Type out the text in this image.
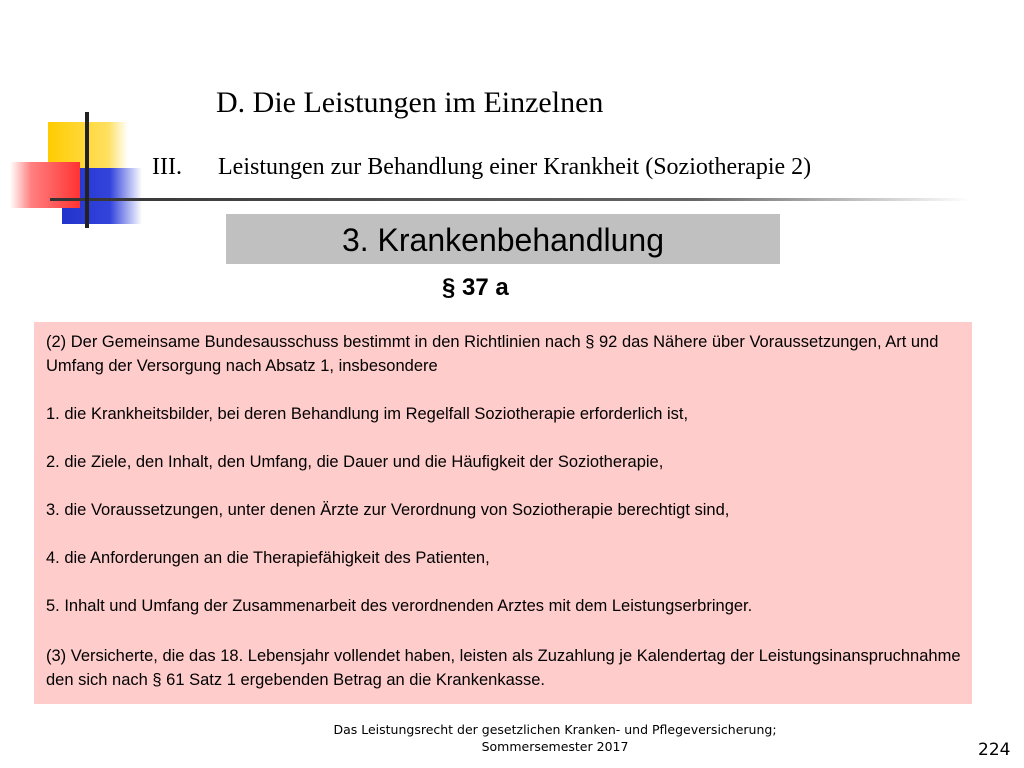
D. Die Leistungen im Einzelnen
III. Leistungen zur Behandlung einer Krankheit (Soziotherapie 2)
3. Krankenbehandlung
§ 37 a

(2) Der Gemeinsame Bundesausschuss bestimmt in den Richtlinien nach § 92 das Nähere über Voraussetzungen, Art und Umfang der Versorgung nach Absatz 1, insbesondere

1. die Krankheitsbilder, bei deren Behandlung im Regelfall Soziotherapie erforderlich ist,

2. die Ziele, den Inhalt, den Umfang, die Dauer und die Häufigkeit der Soziotherapie,

3. die Voraussetzungen, unter denen Ärzte zur Verordnung von Soziotherapie berechtigt sind,

4. die Anforderungen an die Therapiefähigkeit des Patienten,

5. Inhalt und Umfang der Zusammenarbeit des verordnenden Arztes mit dem Leistungserbringer.

(3) Versicherte, die das 18. Lebensjahr vollendet haben, leisten als Zuzahlung je Kalendertag der Leistungsinanspruchnahme den sich nach § 61 Satz 1 ergebenden Betrag an die Krankenkasse.

Das Leistungsrecht der gesetzlichen Kranken- und Pflegeversicherung;
Sommersemester 2017	224
